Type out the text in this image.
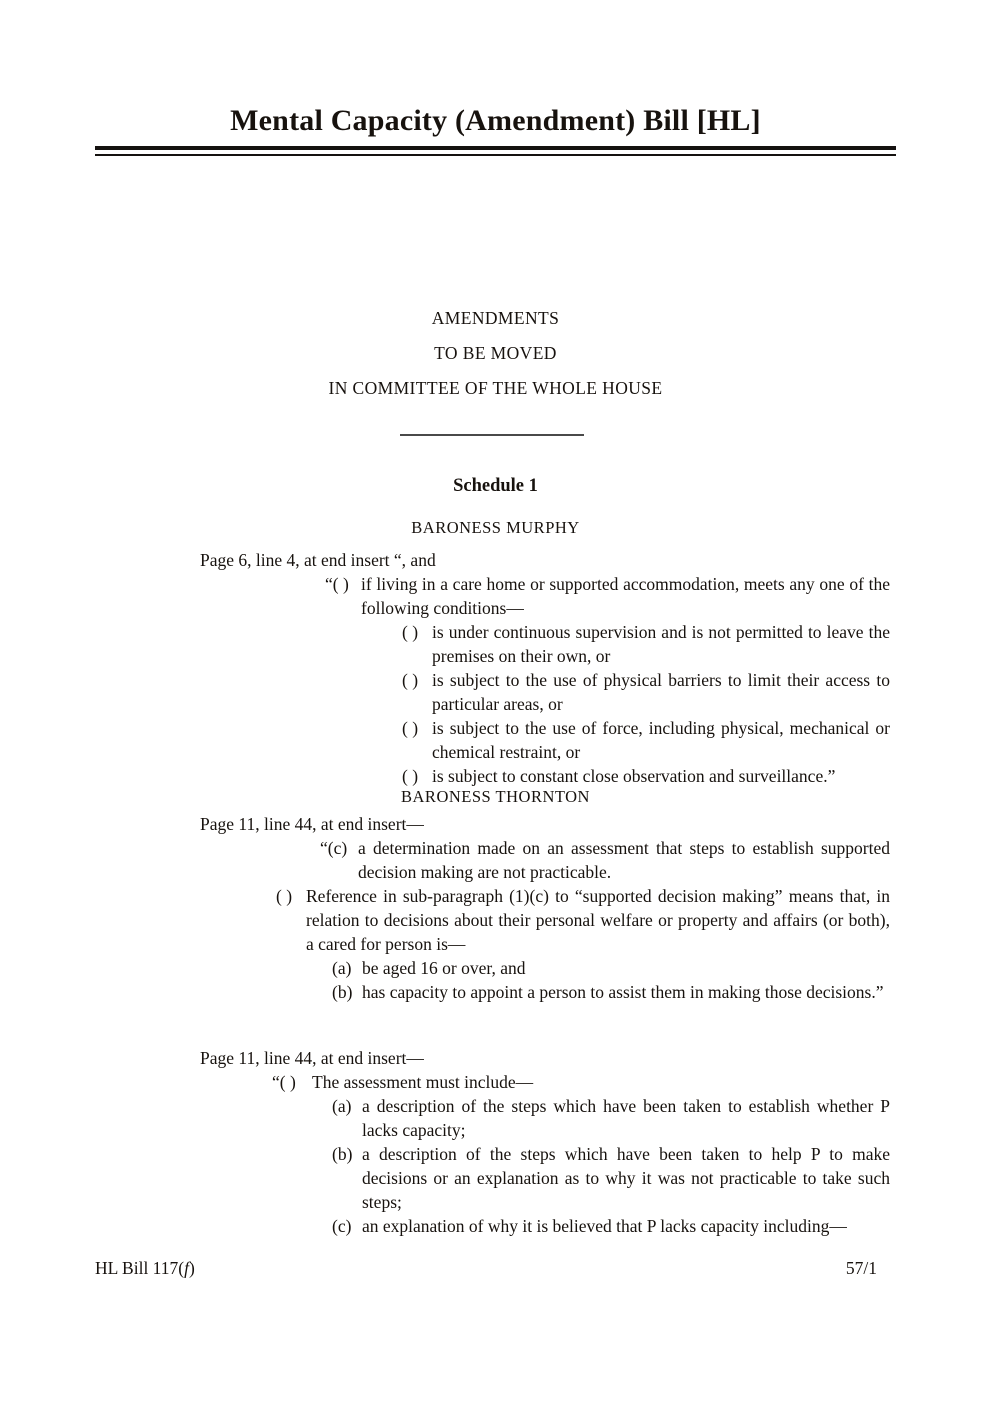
Mental Capacity (Amendment) Bill [HL]
AMENDMENTS
TO BE MOVED
IN COMMITTEE OF THE WHOLE HOUSE
Schedule 1
BARONESS MURPHY
Page 6, line 4, at end insert “, and
“( ) if living in a care home or supported accommodation, meets any one of the following conditions—
( ) is under continuous supervision and is not permitted to leave the premises on their own, or
( ) is subject to the use of physical barriers to limit their access to particular areas, or
( ) is subject to the use of force, including physical, mechanical or chemical restraint, or
( ) is subject to constant close observation and surveillance.”
BARONESS THORNTON
Page 11, line 44, at end insert—
“(c) a determination made on an assessment that steps to establish supported decision making are not practicable.
( ) Reference in sub-paragraph (1)(c) to “supported decision making” means that, in relation to decisions about their personal welfare or property and affairs (or both), a cared for person is—
(a) be aged 16 or over, and
(b) has capacity to appoint a person to assist them in making those decisions.”
Page 11, line 44, at end insert—
“( ) The assessment must include—
(a) a description of the steps which have been taken to establish whether P lacks capacity;
(b) a description of the steps which have been taken to help P to make decisions or an explanation as to why it was not practicable to take such steps;
(c) an explanation of why it is believed that P lacks capacity including—
HL Bill 117(f)	57/1
